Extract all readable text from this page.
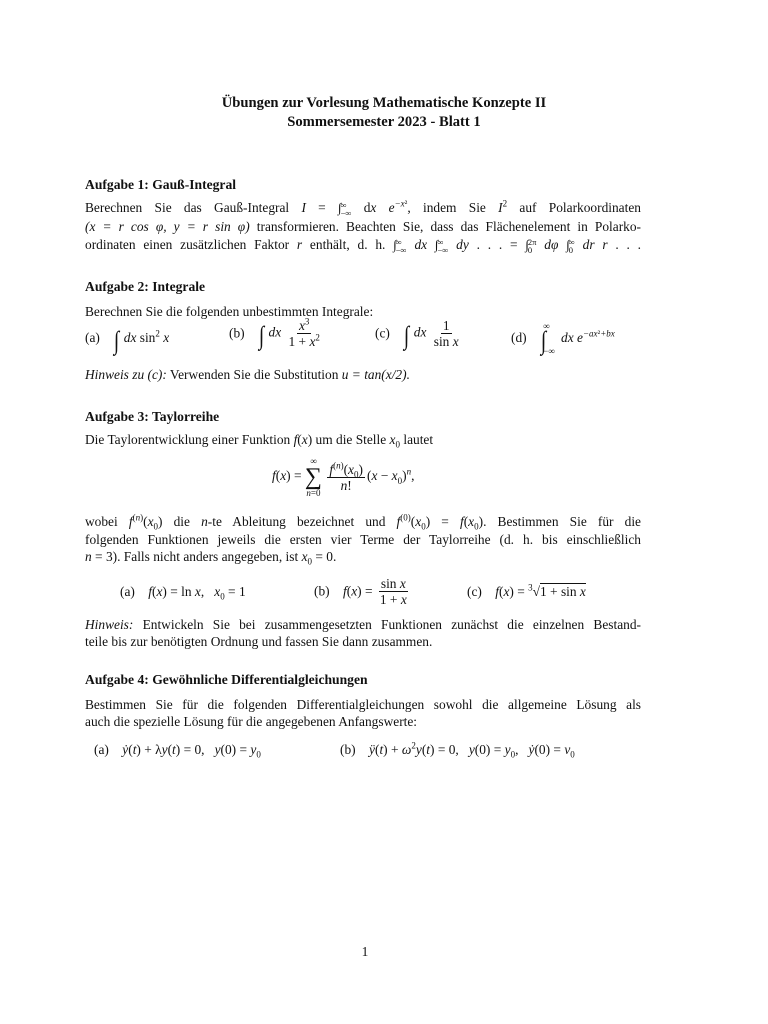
Übungen zur Vorlesung Mathematische Konzepte II
Sommersemester 2023 - Blatt 1
Aufgabe 1: Gauß-Integral
Berechnen Sie das Gauß-Integral I = ∫ ∞
−∞ dx $e^{-x^2}$, indem Sie $I^2$ auf Polarkoordinaten
(x = r cos φ, y = r sin φ) transformieren. Beachten Sie, dass das Flächenelement in Polarko-
ordinaten einen zusätzlichen Faktor r enthält, d. h. ∫ ∞
−∞ dx ∫ ∞
−∞ dy . . . = ∫ 2π
0 dφ ∫ ∞
0 dr r . . .
Aufgabe 2: Integrale
Berechnen Sie die folgenden unbestimmten Integrale:
(a) ∫ dx $\sin^2 x$	(b) ∫ dx $\frac{x^3}{1 + x^2}$	(c) ∫ dx $\frac{1}{\text{sin x}}$	(d) ∫
∞
−∞
dx $e^{-ax^2+bx}$
Hinweis zu (c): Verwenden Sie die Substitution u = tan(x/2).
Aufgabe 3: Taylorreihe
Die Taylorentwicklung einer Funktion f(x) um die Stelle $x_0$ lautet
f(x) =
∞
∑
n=0

$\frac{f^{(n)}(x_0)}{n!} (x - x_0)^n$,
wobei $f^{(n)}(x_0)$ die n-te Ableitung bezeichnet und $f^{(0)}(x_0) = f(x_0)$. Bestimmen Sie für die
folgenden Funktionen jeweils die ersten vier Terme der Taylorreihe (d. h. bis einschließlich
n = 3). Falls nicht anders angegeben, ist $x_0 = 0$.
(a) f(x) = ln x,   $x_0 = 1$	(b) $f(x) = \frac{\text{sin x}}{1 + x}$	(c) f(x) = $^3$√1 + sin x
Hinweis: Entwickeln Sie bei zusammengesetzten Funktionen zunächst die einzelnen Bestand-
teile bis zur benötigten Ordnung und fassen Sie dann zusammen.
Aufgabe 4: Gewöhnliche Differentialgleichungen
Bestimmen Sie für die folgenden Differentialgleichungen sowohl die allgemeine Lösung als
auch die spezielle Lösung für die angegebenen Anfangswerte:
(a) ẏ(t) + λy(t) = 0,   $y(0) = y_0$	(b) ÿ(t) + $\omega^2y(t) = 0$,   $y(0) = y_0$,   ẏ(0) = $v_0$
1
